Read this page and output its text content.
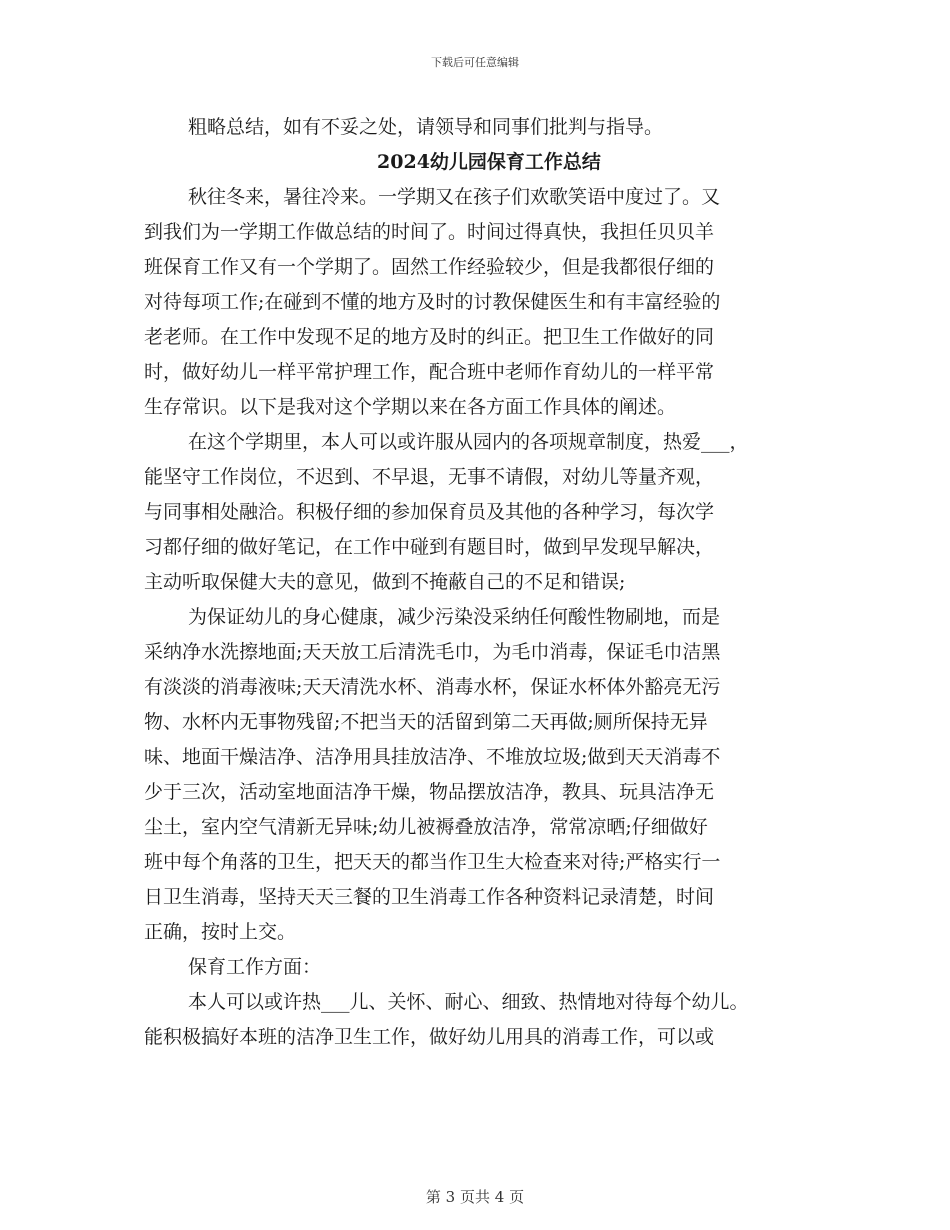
下载后可任意编辑
粗略总结，如有不妥之处，请领导和同事们批判与指导。
2024幼儿园保育工作总结
秋往冬来，暑往冷来。一学期又在孩子们欢歌笑语中度过了。又
到我们为一学期工作做总结的时间了。时间过得真快，我担任贝贝羊
班保育工作又有一个学期了。固然工作经验较少，但是我都很仔细的
对待每项工作;在碰到不懂的地方及时的讨教保健医生和有丰富经验的
老老师。在工作中发现不足的地方及时的纠正。把卫生工作做好的同
时，做好幼儿一样平常护理工作，配合班中老师作育幼儿的一样平常
生存常识。以下是我对这个学期以来在各方面工作具体的阐述。
在这个学期里，本人可以或许服从园内的各项规章制度，热爱___，
能坚守工作岗位，不迟到、不早退，无事不请假，对幼儿等量齐观，
与同事相处融洽。积极仔细的参加保育员及其他的各种学习，每次学
习都仔细的做好笔记，在工作中碰到有题目时，做到早发现早解决，
主动听取保健大夫的意见，做到不掩蔽自己的不足和错误;
为保证幼儿的身心健康，减少污染没采纳任何酸性物刷地，而是
采纳净水洗擦地面;天天放工后清洗毛巾，为毛巾消毒，保证毛巾洁黑
有淡淡的消毒液味;天天清洗水杯、消毒水杯，保证水杯体外豁亮无污
物、水杯内无事物残留;不把当天的活留到第二天再做;厕所保持无异
味、地面干燥洁净、洁净用具挂放洁净、不堆放垃圾;做到天天消毒不
少于三次，活动室地面洁净干燥，物品摆放洁净，教具、玩具洁净无
尘土，室内空气清新无异味;幼儿被褥叠放洁净，常常凉晒;仔细做好
班中每个角落的卫生，把天天的都当作卫生大检查来对待;严格实行一
日卫生消毒，坚持天天三餐的卫生消毒工作各种资料记录清楚，时间
正确，按时上交。
保育工作方面：
本人可以或许热___儿、关怀、耐心、细致、热情地对待每个幼儿。
能积极搞好本班的洁净卫生工作，做好幼儿用具的消毒工作，可以或
第 3 页共 4 页
